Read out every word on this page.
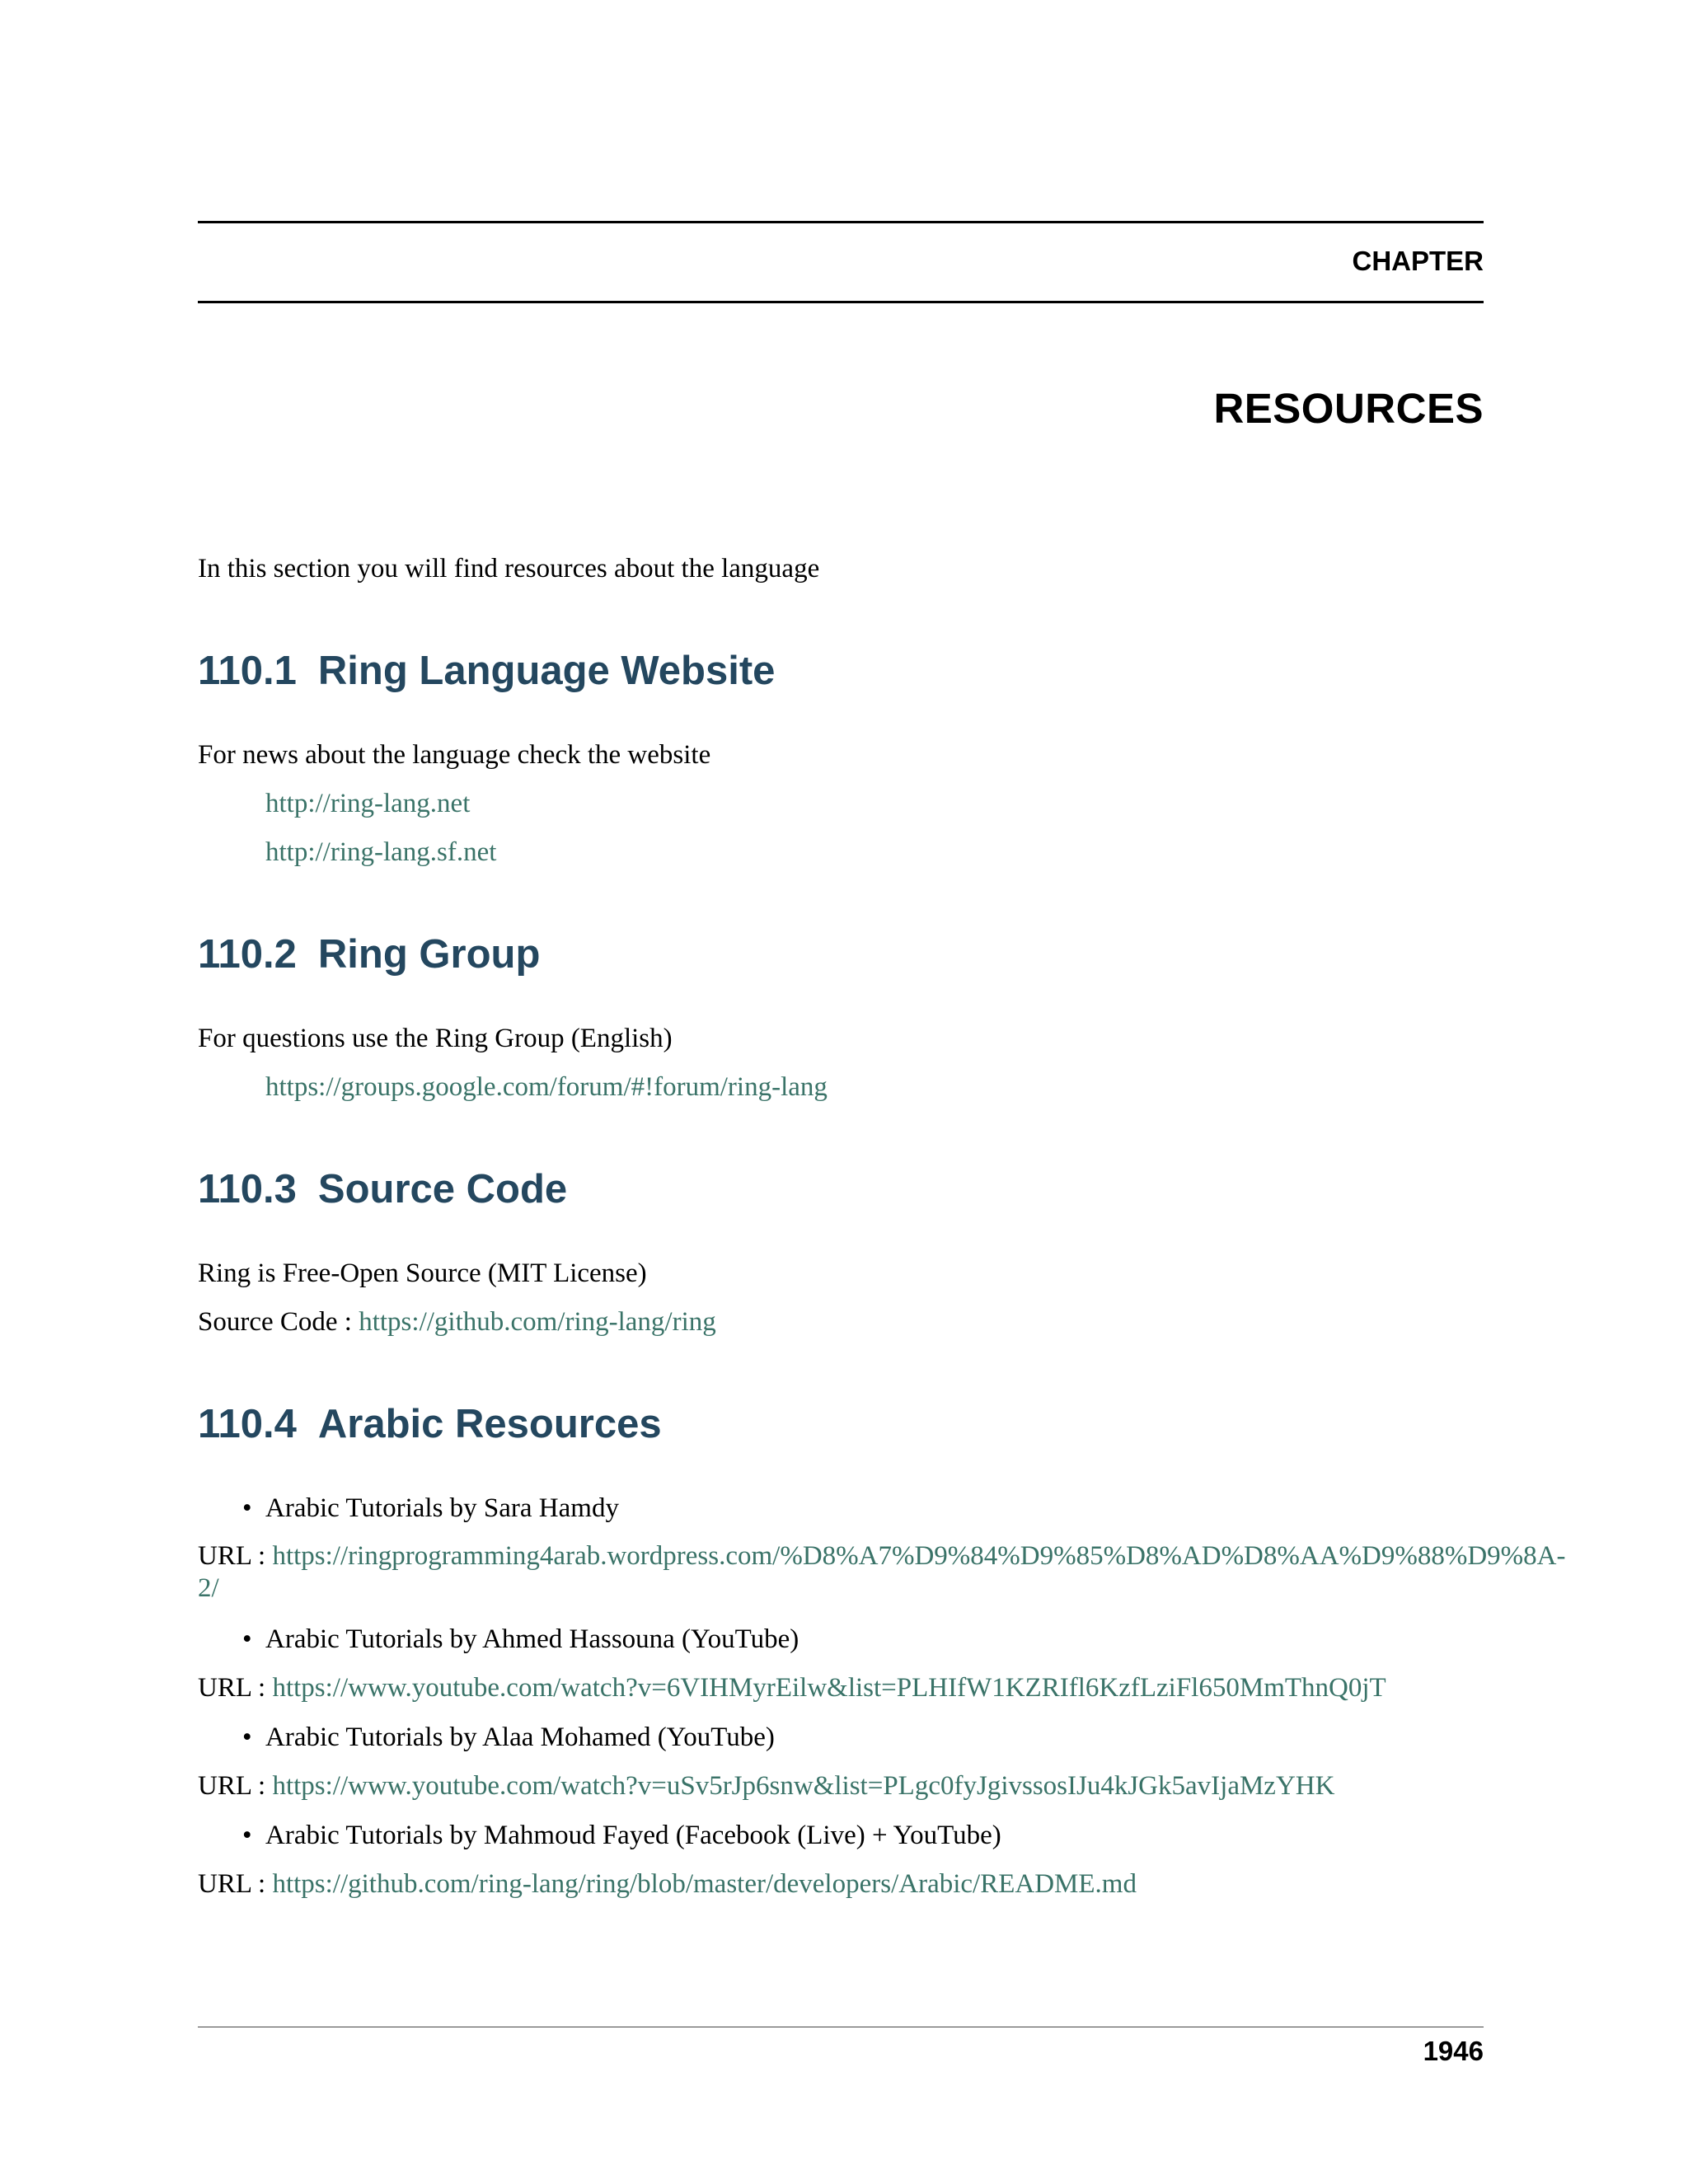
CHAPTER
RESOURCES
In this section you will find resources about the language
110.1 Ring Language Website
For news about the language check the website
http://ring-lang.net
http://ring-lang.sf.net
110.2 Ring Group
For questions use the Ring Group (English)
https://groups.google.com/forum/#!forum/ring-lang
110.3 Source Code
Ring is Free-Open Source (MIT License)
Source Code : https://github.com/ring-lang/ring
110.4 Arabic Resources
• Arabic Tutorials by Sara Hamdy
URL : https://ringprogramming4arab.wordpress.com/%D8%A7%D9%84%D9%85%D8%AD%D8%AA%D9%88%D9%8A-2/
• Arabic Tutorials by Ahmed Hassouna (YouTube)
URL : https://www.youtube.com/watch?v=6VIHMyrEilw&list=PLHIfW1KZRIfl6KzfLziFl650MmThnQ0jT
• Arabic Tutorials by Alaa Mohamed (YouTube)
URL : https://www.youtube.com/watch?v=uSv5rJp6snw&list=PLgc0fyJgivssosIJu4kJGk5avIjaMzYHK
• Arabic Tutorials by Mahmoud Fayed (Facebook (Live) + YouTube)
URL : https://github.com/ring-lang/ring/blob/master/developers/Arabic/README.md
1946
